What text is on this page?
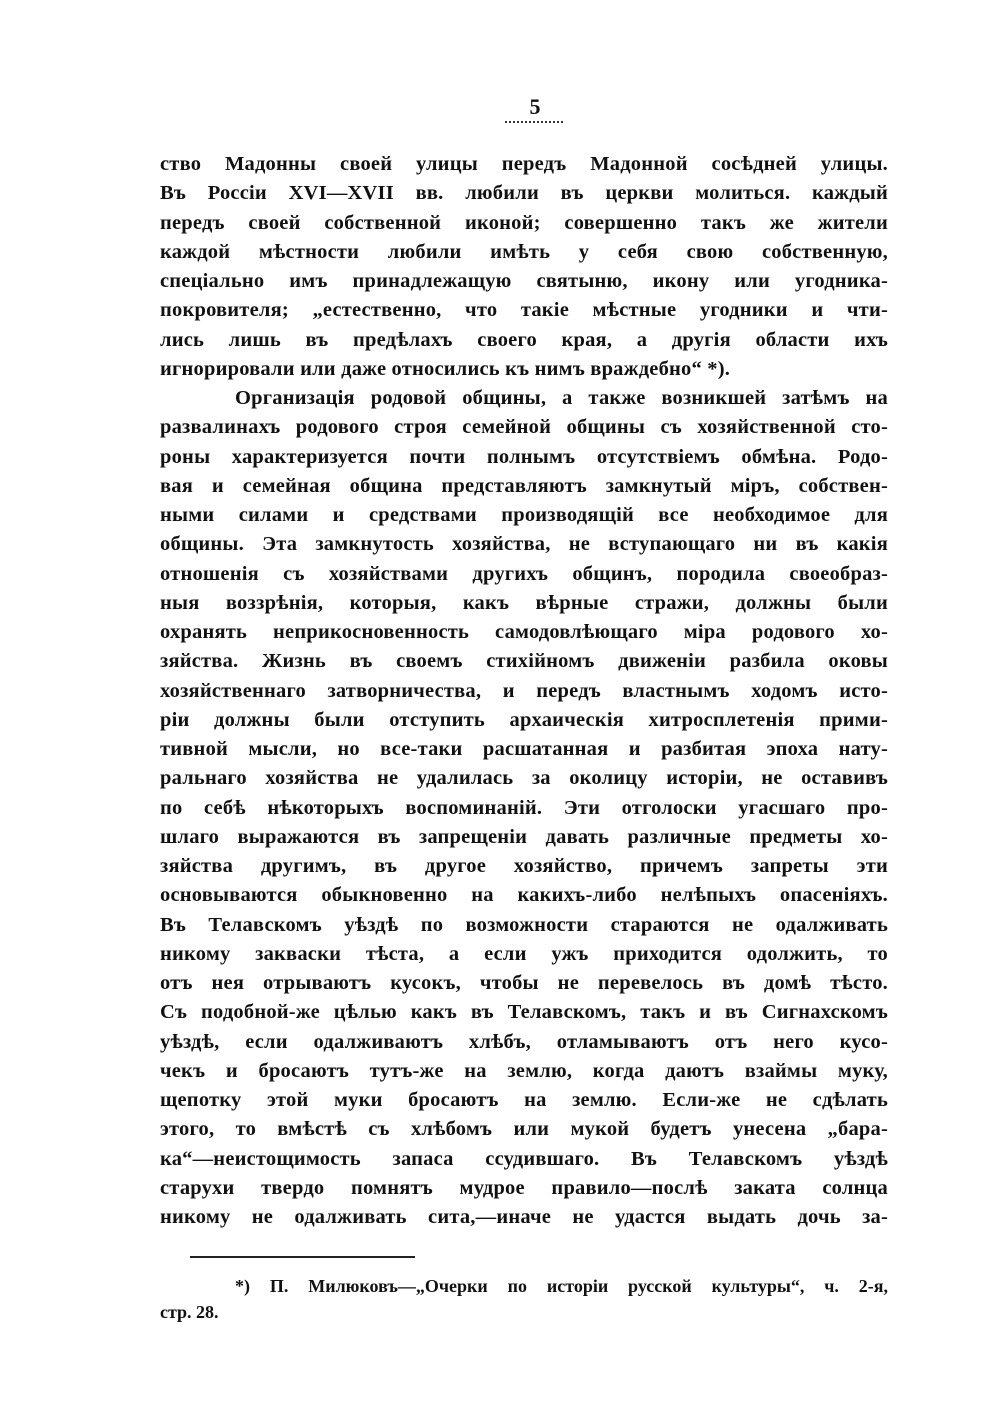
5
ство Мадонны своей улицы передъ Мадонной сосѣдней улицы.
Въ Россіи XVI—XVII вв. любили въ церкви молиться. каждый
передъ своей собственной иконой; совершенно такъ же жители
каждой мѣстности любили имѣть у себя свою собственную,
спеціально имъ принадлежащую святыню, икону или угодника-
покровителя; „естественно, что такіе мѣстные угодники и чти-
лись лишь въ предѣлахъ своего края, а другія области ихъ
игнорировали или даже относились къ нимъ враждебно“ *).
Организація родовой общины, а также возникшей затѣмъ на
развалинахъ родового строя семейной общины съ хозяйственной сто-
роны характеризуется почти полнымъ отсутствіемъ обмѣна. Родо-
вая и семейная община представляютъ замкнутый міръ, собствен-
ными силами и средствами производящій все необходимое для
общины. Эта замкнутость хозяйства, не вступающаго ни въ какія
отношенія съ хозяйствами другихъ общинъ, породила своеобраз-
ныя воззрѣнія, которыя, какъ вѣрные стражи, должны были
охранять неприкосновенность самодовлѣющаго міра родового хо-
зяйства. Жизнь въ своемъ стихійномъ движеніи разбила оковы
хозяйственнаго затворничества, и передъ властнымъ ходомъ исто-
ріи должны были отступить архаическія хитросплетенія прими-
тивной мысли, но все-таки расшатанная и разбитая эпоха нату-
ральнаго хозяйства не удалилась за околицу исторіи, не оставивъ
по себѣ нѣкоторыхъ воспоминаній. Эти отголоски угасшаго про-
шлаго выражаются въ запрещеніи давать различные предметы хо-
зяйства другимъ, въ другое хозяйство, причемъ запреты эти
основываются обыкновенно на какихъ-либо нелѣпыхъ опасеніяхъ.
Въ Телавскомъ уѣздѣ по возможности стараются не одалживать
никому закваски тѣста, а если ужъ приходится одолжить, то
отъ нея отрываютъ кусокъ, чтобы не перевелось въ домѣ тѣсто.
Съ подобной-же цѣлью какъ въ Телавскомъ, такъ и въ Сигнахскомъ
уѣздѣ, если одалживаютъ хлѣбъ, отламываютъ отъ него кусо-
чекъ и бросаютъ тутъ-же на землю, когда даютъ взаймы муку,
щепотку этой муки бросаютъ на землю. Если-же не сдѣлать
этого, то вмѣстѣ съ хлѣбомъ или мукой будетъ унесена „бара-
ка“—неистощимость запаса ссудившаго. Въ Телавскомъ уѣздѣ
старухи твердо помнятъ мудрое правило—послѣ заката солнца
никому не одалживать сита,—иначе не удастся выдать дочь за-
*) П. Милюковъ—„Очерки по исторіи русской культуры“, ч. 2-я,
стр. 28.
